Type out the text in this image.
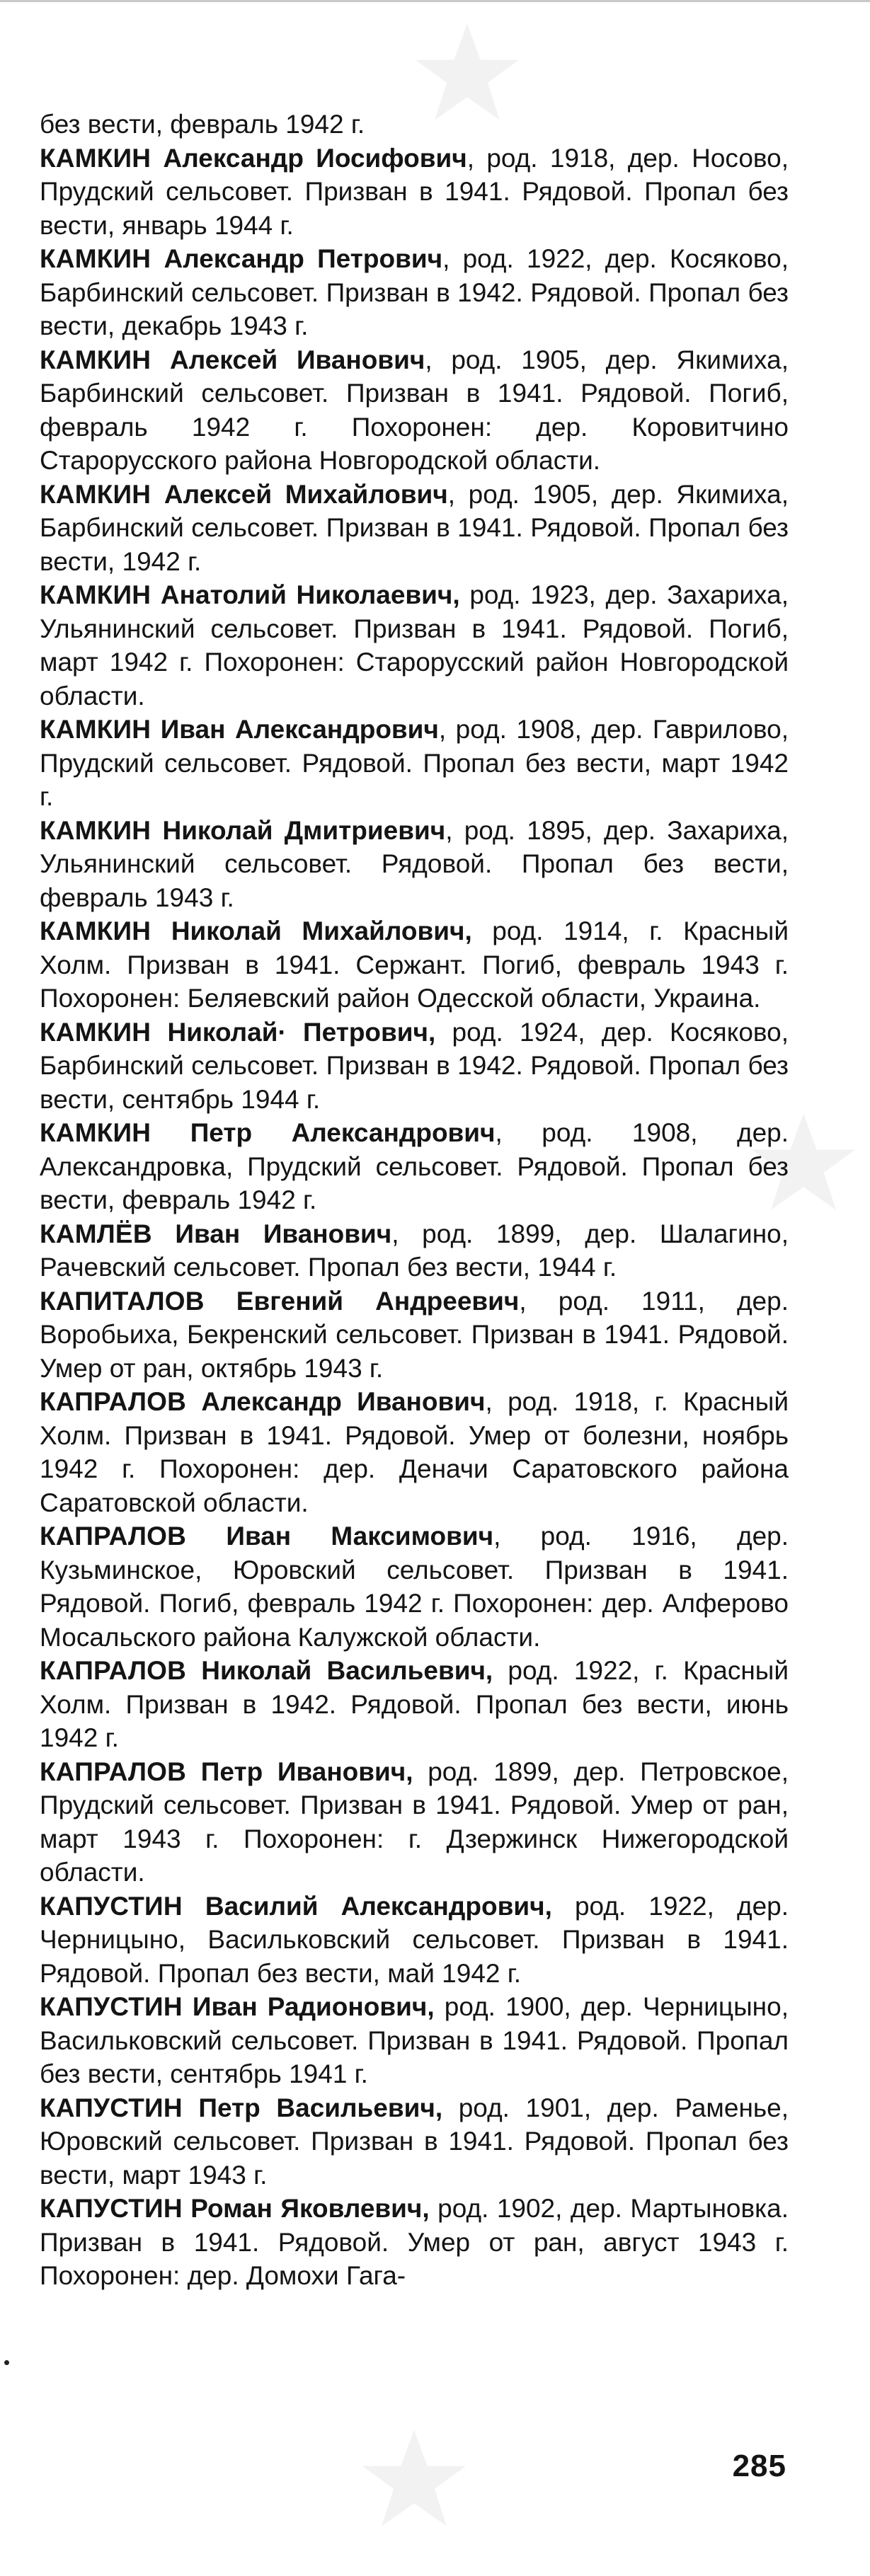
без вести, февраль 1942 г.

КАМКИН Александр Иосифович, род. 1918, дер. Носово, Прудский сельсовет. Призван в 1941. Рядовой. Пропал без вести, январь 1944 г.

КАМКИН Александр Петрович, род. 1922, дер. Косяково, Барбинский сельсовет. Призван в 1942. Рядовой. Пропал без вести, декабрь 1943 г.

КАМКИН Алексей Иванович, род. 1905, дер. Якимиха, Барбинский сельсовет. Призван в 1941. Рядовой. Погиб, февраль 1942 г. Похоронен: дер. Коровитчино Старорусского района Новгородской области.

КАМКИН Алексей Михайлович, род. 1905, дер. Якимиха, Барбинский сельсовет. Призван в 1941. Рядовой. Пропал без вести, 1942 г.

КАМКИН Анатолий Николаевич, род. 1923, дер. Захариха, Ульянинский сельсовет. Призван в 1941. Рядовой. Погиб, март 1942 г. Похоронен: Старорусский район Новгородской области.

КАМКИН Иван Александрович, род. 1908, дер. Гаврилово, Прудский сельсовет. Рядовой. Пропал без вести, март 1942 г.

КАМКИН Николай Дмитриевич, род. 1895, дер. Захариха, Ульянинский сельсовет. Рядовой. Пропал без вести, февраль 1943 г.

КАМКИН Николай Михайлович, род. 1914, г. Красный Холм. Призван в 1941. Сержант. Погиб, февраль 1943 г. Похоронен: Беляевский район Одесской области, Украина.

КАМКИН Николай· Петрович, род. 1924, дер. Косяково, Барбинский сельсовет. Призван в 1942. Рядовой. Пропал без вести, сентябрь 1944 г.

КАМКИН Петр Александрович, род. 1908, дер. Александровка, Прудский сельсовет. Рядовой. Пропал без вести, февраль 1942 г.

КАМЛЁВ Иван Иванович, род. 1899, дер. Шалагино, Рачевский сельсовет. Пропал без вести, 1944 г.

КАПИТАЛОВ Евгений Андреевич, род. 1911, дер. Воробьиха, Бекренский сельсовет. Призван в 1941. Рядовой. Умер от ран, октябрь 1943 г.

КАПРАЛОВ Александр Иванович, род. 1918, г. Красный Холм. Призван в 1941. Рядовой. Умер от болезни, ноябрь 1942 г. Похоронен: дер. Деначи Саратовского района Саратовской области.

КАПРАЛОВ Иван Максимович, род. 1916, дер. Кузьминское, Юровский сельсовет. Призван в 1941. Рядовой. Погиб, февраль 1942 г. Похоронен: дер. Алферово Мосальского района Калужской области.

КАПРАЛОВ Николай Васильевич, род. 1922, г. Красный Холм. Призван в 1942. Рядовой. Пропал без вести, июнь 1942 г.

КАПРАЛОВ Петр Иванович, род. 1899, дер. Петровское, Прудский сельсовет. Призван в 1941. Рядовой. Умер от ран, март 1943 г. Похоронен: г. Дзержинск Нижегородской области.

КАПУСТИН Василий Александрович, род. 1922, дер. Черницыно, Васильковский сельсовет. Призван в 1941. Рядовой. Пропал без вести, май 1942 г.

КАПУСТИН Иван Радионович, род. 1900, дер. Черницыно, Васильковский сельсовет. Призван в 1941. Рядовой. Пропал без вести, сентябрь 1941 г.

КАПУСТИН Петр Васильевич, род. 1901, дер. Раменье, Юровский сельсовет. Призван в 1941. Рядовой. Пропал без вести, март 1943 г.

КАПУСТИН Роман Яковлевич, род. 1902, дер. Мартыновка. Призван в 1941. Рядовой. Умер от ран, август 1943 г. Похоронен: дер. Домохи Гага-

285
